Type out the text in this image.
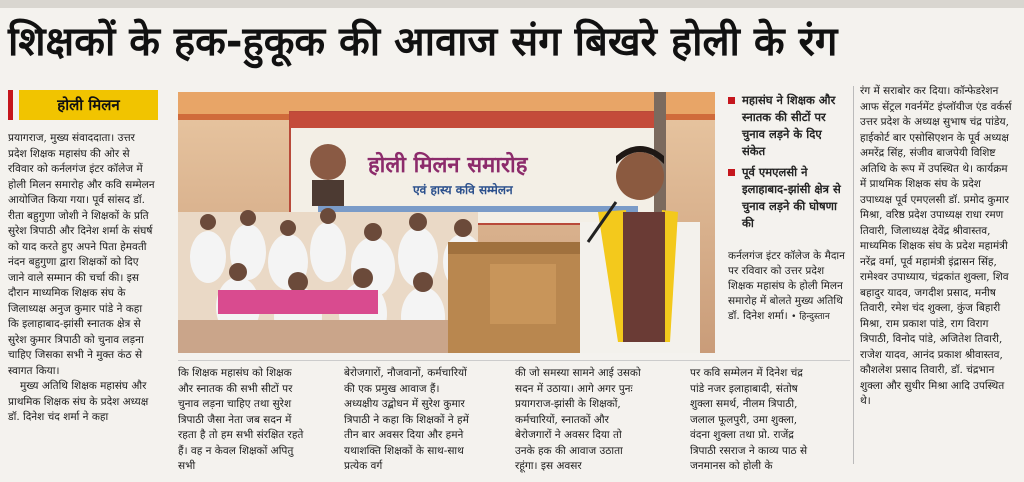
शिक्षकों के हक-हुकूक की आवाज संग बिखरे होली के रंग
होली मिलन

प्रयागराज, मुख्य संवाददाता। उत्तर प्रदेश शिक्षक महासंघ की ओर से रविवार को कर्नलगंज इंटर कॉलेज में होली मिलन समारोह और कवि सम्मेलन आयोजित किया गया। पूर्व सांसद डॉ. रीता बहुगुणा जोशी ने शिक्षकों के प्रति सुरेश त्रिपाठी और दिनेश शर्मा के संघर्ष को याद करते हुए अपने पिता हेमवती नंदन बहुगुणा द्वारा शिक्षकों को दिए जाने वाले सम्मान की चर्चा की। इस दौरान माध्यमिक शिक्षक संघ के जिलाध्यक्ष अनुज कुमार पांडे ने कहा कि इलाहाबाद-झांसी स्नातक क्षेत्र से सुरेश कुमार त्रिपाठी को चुनाव लड़ना चाहिए जिसका सभी ने मुक्त कंठ से स्वागत किया।

मुख्य अतिथि शिक्षक महासंघ और प्राथमिक शिक्षक संघ के प्रदेश अध्यक्ष डॉ. दिनेश चंद शर्मा ने कहा

होली मिलन समारोह
एवं हास्य कवि सम्मेलन
महासंघ ने शिक्षक और स्नातक की सीटों पर चुनाव लड़ने के दिए संकेत
पूर्व एमएलसी ने इलाहाबाद-झांसी क्षेत्र से चुनाव लड़ने की घोषणा की
कर्नलगंज इंटर कॉलेज के मैदान पर रविवार को उत्तर प्रदेश शिक्षक महासंघ के होली मिलन समारोह में बोलते मुख्य अतिथि डॉ. दिनेश शर्मा। • हिन्दुस्तान

कि शिक्षक महासंघ को शिक्षक और स्नातक की सभी सीटों पर चुनाव लड़ना चाहिए तथा सुरेश त्रिपाठी जैसा नेता जब सदन में रहता है तो हम सभी संरक्षित रहते हैं। वह न केवल शिक्षकों अपितु सभी

बेरोजगारों, नौजवानों, कर्मचारियों की एक प्रमुख आवाज हैं। अध्यक्षीय उद्बोधन में सुरेश कुमार त्रिपाठी ने कहा कि शिक्षकों ने हमें तीन बार अवसर दिया और हमने यथाशक्ति शिक्षकों के साथ-साथ प्रत्येक वर्ग

की जो समस्या सामने आई उसको सदन में उठाया। आगे अगर पुनः प्रयागराज-झांसी के शिक्षकों, कर्मचारियों, स्नातकों और बेरोजगारों ने अवसर दिया तो उनके हक की आवाज उठाता रहूंगा। इस अवसर

पर कवि सम्मेलन में दिनेश चंद्र पांडे नजर इलाहाबादी, संतोष शुक्ला समर्थ, नीलम त्रिपाठी, जलाल फूलपुरी, उमा शुक्ला, वंदना शुक्ला तथा प्रो. राजेंद्र त्रिपाठी रसराज ने काव्य पाठ से जनमानस को होली के

रंग में सराबोर कर दिया। कॉन्फेडरेशन आफ सेंट्रल गवर्नमेंट इंप्लॉयीज एंड वर्कर्स उत्तर प्रदेश के अध्यक्ष सुभाष चंद्र पांडेय, हाईकोर्ट बार एसोसिएशन के पूर्व अध्यक्ष अमरेंद्र सिंह, संजीव बाजपेयी विशिष्ट अतिथि के रूप में उपस्थित थे। कार्यक्रम में प्राथमिक शिक्षक संघ के प्रदेश उपाध्यक्ष पूर्व एमएलसी डॉ. प्रमोद कुमार मिश्रा, वरिष्ठ प्रदेश उपाध्यक्ष राधा रमण तिवारी, जिलाध्यक्ष देवेंद्र श्रीवास्तव, माध्यमिक शिक्षक संघ के प्रदेश महामंत्री नरेंद्र वर्मा, पूर्व महामंत्री इंद्रासन सिंह, रामेश्वर उपाध्याय, चंद्रकांत शुक्ला, शिव बहादुर यादव, जगदीश प्रसाद, मनीष तिवारी, रमेश चंद शुक्ला, कुंज बिहारी मिश्रा, राम प्रकाश पांडे, राग विराग त्रिपाठी, विनोद पांडे, अजितेश तिवारी, राजेश यादव, आनंद प्रकाश श्रीवास्तव, कौशलेश प्रसाद तिवारी, डॉ. चंद्रभान शुक्ला और सुधीर मिश्रा आदि उपस्थित थे।
